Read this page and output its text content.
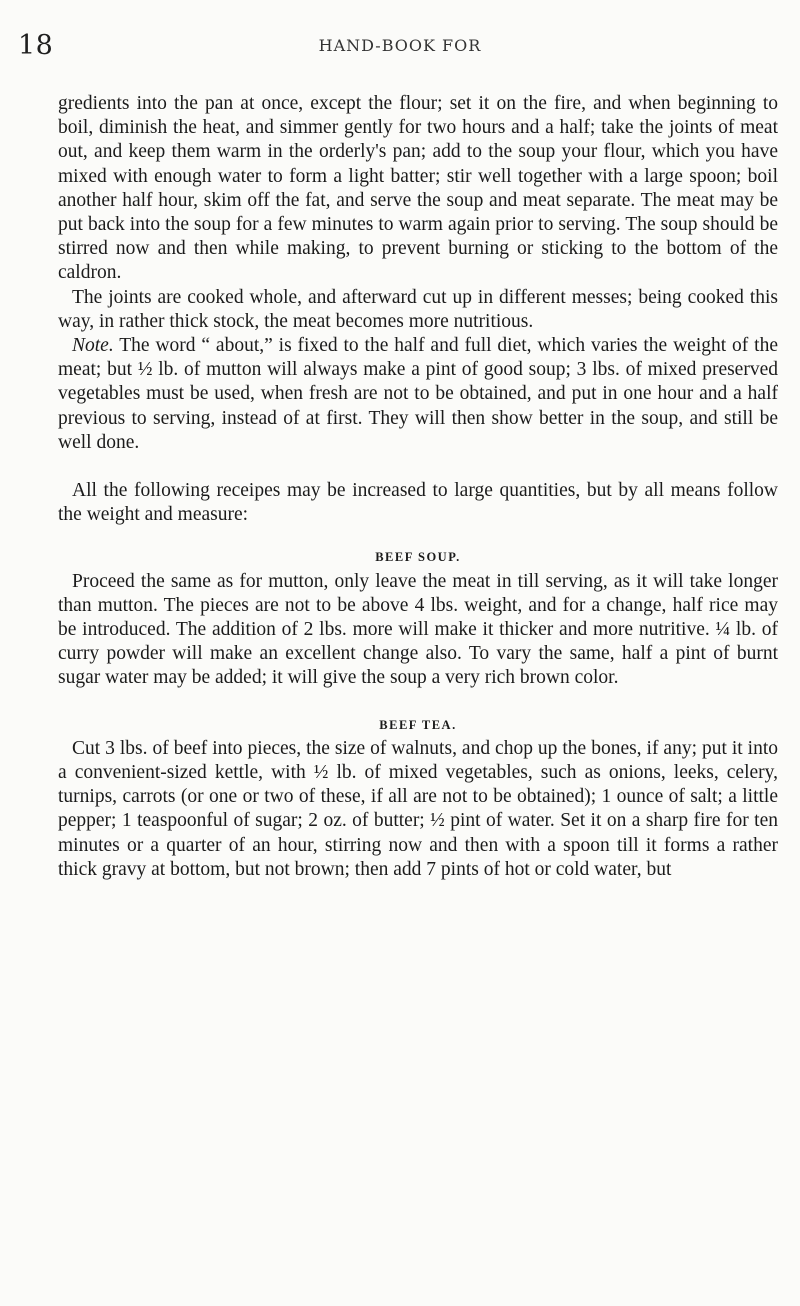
18	HAND-BOOK FOR

gredients into the pan at once, except the flour; set it on the fire, and when beginning to boil, diminish the heat, and simmer gently for two hours and a half; take the joints of meat out, and keep them warm in the orderly's pan; add to the soup your flour, which you have mixed with enough water to form a light batter; stir well together with a large spoon; boil another half hour, skim off the fat, and serve the soup and meat separate. The meat may be put back into the soup for a few minutes to warm again prior to serving. The soup should be stirred now and then while making, to prevent burning or sticking to the bottom of the caldron.

The joints are cooked whole, and afterward cut up in different messes; being cooked this way, in rather thick stock, the meat becomes more nutritious.

Note. The word “ about,” is fixed to the half and full diet, which varies the weight of the meat; but ½ lb. of mutton will always make a pint of good soup; 3 lbs. of mixed preserved vegetables must be used, when fresh are not to be obtained, and put in one hour and a half previous to serving, instead of at first. They will then show better in the soup, and still be well done.

All the following receipes may be increased to large quantities, but by all means follow the weight and measure:

BEEF SOUP.

Proceed the same as for mutton, only leave the meat in till serving, as it will take longer than mutton. The pieces are not to be above 4 lbs. weight, and for a change, half rice may be introduced. The addition of 2 lbs. more will make it thicker and more nutritive. ¼ lb. of curry powder will make an excellent change also. To vary the same, half a pint of burnt sugar water may be added; it will give the soup a very rich brown color.

BEEF TEA.

Cut 3 lbs. of beef into pieces, the size of walnuts, and chop up the bones, if any; put it into a convenient-sized kettle, with ½ lb. of mixed vegetables, such as onions, leeks, celery, turnips, carrots (or one or two of these, if all are not to be obtained); 1 ounce of salt; a little pepper; 1 teaspoonful of sugar; 2 oz. of butter; ½ pint of water. Set it on a sharp fire for ten minutes or a quarter of an hour, stirring now and then with a spoon till it forms a rather thick gravy at bottom, but not brown; then add 7 pints of hot or cold water, but
